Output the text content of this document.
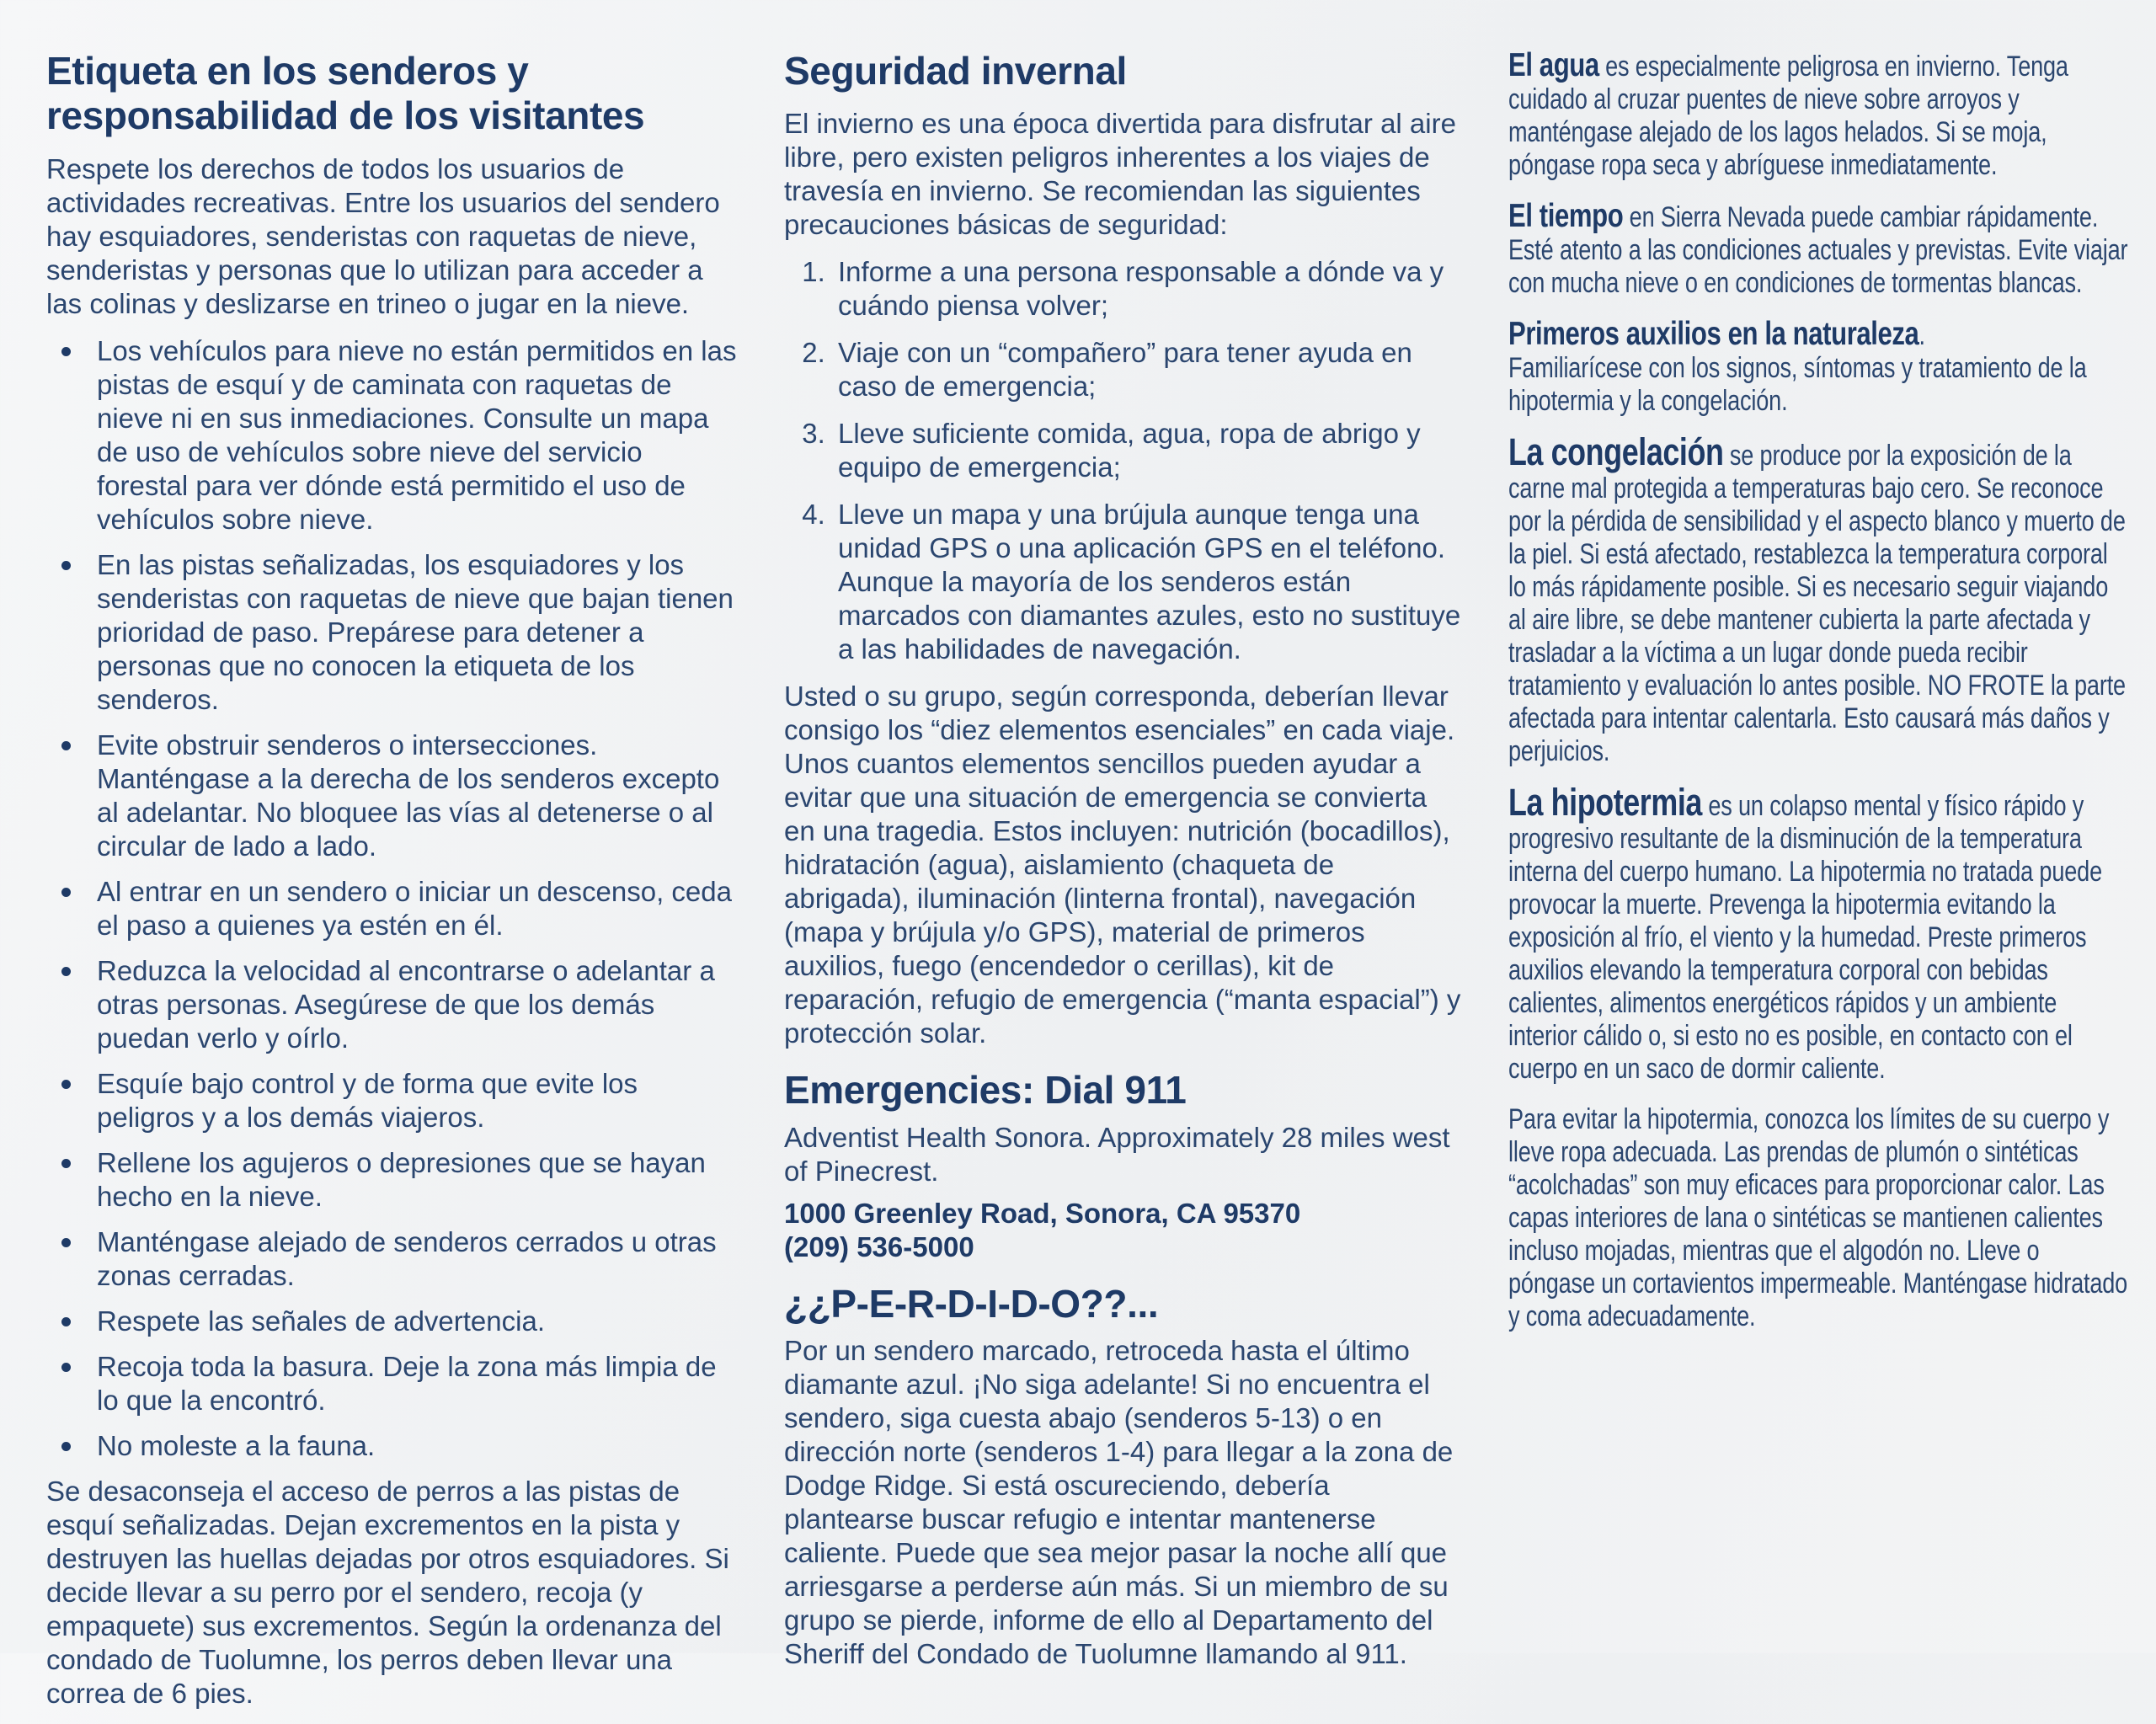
Etiqueta en los senderos y responsabilidad de los visitantes

Respete los derechos de todos los usuarios de actividades recreativas. Entre los usuarios del sendero hay esquiadores, senderistas con raquetas de nieve, senderistas y personas que lo utilizan para acceder a las colinas y deslizarse en trineo o jugar en la nieve.

Los vehículos para nieve no están permitidos en las pistas de esquí y de caminata con raquetas de nieve ni en sus inmediaciones. Consulte un mapa de uso de vehículos sobre nieve del servicio forestal para ver dónde está permitido el uso de vehículos sobre nieve.
En las pistas señalizadas, los esquiadores y los senderistas con raquetas de nieve que bajan tienen prioridad de paso. Prepárese para detener a personas que no conocen la etiqueta de los senderos.
Evite obstruir senderos o intersecciones. Manténgase a la derecha de los senderos excepto al adelantar. No bloquee las vías al detenerse o al circular de lado a lado.
Al entrar en un sendero o iniciar un descenso, ceda el paso a quienes ya estén en él.
Reduzca la velocidad al encontrarse o adelantar a otras personas. Asegúrese de que los demás puedan verlo y oírlo.
Esquíe bajo control y de forma que evite los peligros y a los demás viajeros.
Rellene los agujeros o depresiones que se hayan hecho en la nieve.
Manténgase alejado de senderos cerrados u otras zonas cerradas.
Respete las señales de advertencia.
Recoja toda la basura. Deje la zona más limpia de lo que la encontró.
No moleste a la fauna.

Se desaconseja el acceso de perros a las pistas de esquí señalizadas. Dejan excrementos en la pista y destruyen las huellas dejadas por otros esquiadores. Si decide llevar a su perro por el sendero, recoja (y empaquete) sus excrementos. Según la ordenanza del condado de Tuolumne, los perros deben llevar una correa de 6 pies.

Seguridad invernal

El invierno es una época divertida para disfrutar al aire libre, pero existen peligros inherentes a los viajes de travesía en invierno. Se recomiendan las siguientes precauciones básicas de seguridad:

1. Informe a una persona responsable a dónde va y cuándo piensa volver;
2. Viaje con un “compañero” para tener ayuda en caso de emergencia;
3. Lleve suficiente comida, agua, ropa de abrigo y equipo de emergencia;
4. Lleve un mapa y una brújula aunque tenga una unidad GPS o una aplicación GPS en el teléfono. Aunque la mayoría de los senderos están marcados con diamantes azules, esto no sustituye a las habilidades de navegación.

Usted o su grupo, según corresponda, deberían llevar consigo los “diez elementos esenciales” en cada viaje. Unos cuantos elementos sencillos pueden ayudar a evitar que una situación de emergencia se convierta en una tragedia. Estos incluyen: nutrición (bocadillos), hidratación (agua), aislamiento (chaqueta de abrigada), iluminación (linterna frontal), navegación (mapa y brújula y/o GPS), material de primeros auxilios, fuego (encendedor o cerillas), kit de reparación, refugio de emergencia (“manta espacial”) y protección solar.

Emergencies: Dial 911

Adventist Health Sonora. Approximately 28 miles west of Pinecrest.

1000 Greenley Road, Sonora, CA 95370
(209) 536-5000

¿¿P-E-R-D-I-D-O??...

Por un sendero marcado, retroceda hasta el último diamante azul. ¡No siga adelante! Si no encuentra el sendero, siga cuesta abajo (senderos 5-13) o en dirección norte (senderos 1-4) para llegar a la zona de Dodge Ridge. Si está oscureciendo, debería plantearse buscar refugio e intentar mantenerse caliente. Puede que sea mejor pasar la noche allí que arriesgarse a perderse aún más. Si un miembro de su grupo se pierde, informe de ello al Departamento del Sheriff del Condado de Tuolumne llamando al 911.

El agua es especialmente peligrosa en invierno. Tenga cuidado al cruzar puentes de nieve sobre arroyos y manténgase alejado de los lagos helados. Si se moja, póngase ropa seca y abríguese inmediatamente.

El tiempo en Sierra Nevada puede cambiar rápidamente. Esté atento a las condiciones actuales y previstas. Evite viajar con mucha nieve o en condiciones de tormentas blancas.

Primeros auxilios en la naturaleza.
Familiarícese con los signos, síntomas y tratamiento de la hipotermia y la congelación.

La congelación se produce por la exposición de la carne mal protegida a temperaturas bajo cero. Se reconoce por la pérdida de sensibilidad y el aspecto blanco y muerto de la piel. Si está afectado, restablezca la temperatura corporal lo más rápidamente posible. Si es necesario seguir viajando al aire libre, se debe mantener cubierta la parte afectada y trasladar a la víctima a un lugar donde pueda recibir tratamiento y evaluación lo antes posible. NO FROTE la parte afectada para intentar calentarla. Esto causará más daños y perjuicios.

La hipotermia es un colapso mental y físico rápido y progresivo resultante de la disminución de la temperatura interna del cuerpo humano. La hipotermia no tratada puede provocar la muerte. Prevenga la hipotermia evitando la exposición al frío, el viento y la humedad. Preste primeros auxilios elevando la temperatura corporal con bebidas calientes, alimentos energéticos rápidos y un ambiente interior cálido o, si esto no es posible, en contacto con el cuerpo en un saco de dormir caliente.

Para evitar la hipotermia, conozca los límites de su cuerpo y lleve ropa adecuada. Las prendas de plumón o sintéticas “acolchadas” son muy eficaces para proporcionar calor. Las capas interiores de lana o sintéticas se mantienen calientes incluso mojadas, mientras que el algodón no. Lleve o póngase un cortavientos impermeable. Manténgase hidratado y coma adecuadamente.
